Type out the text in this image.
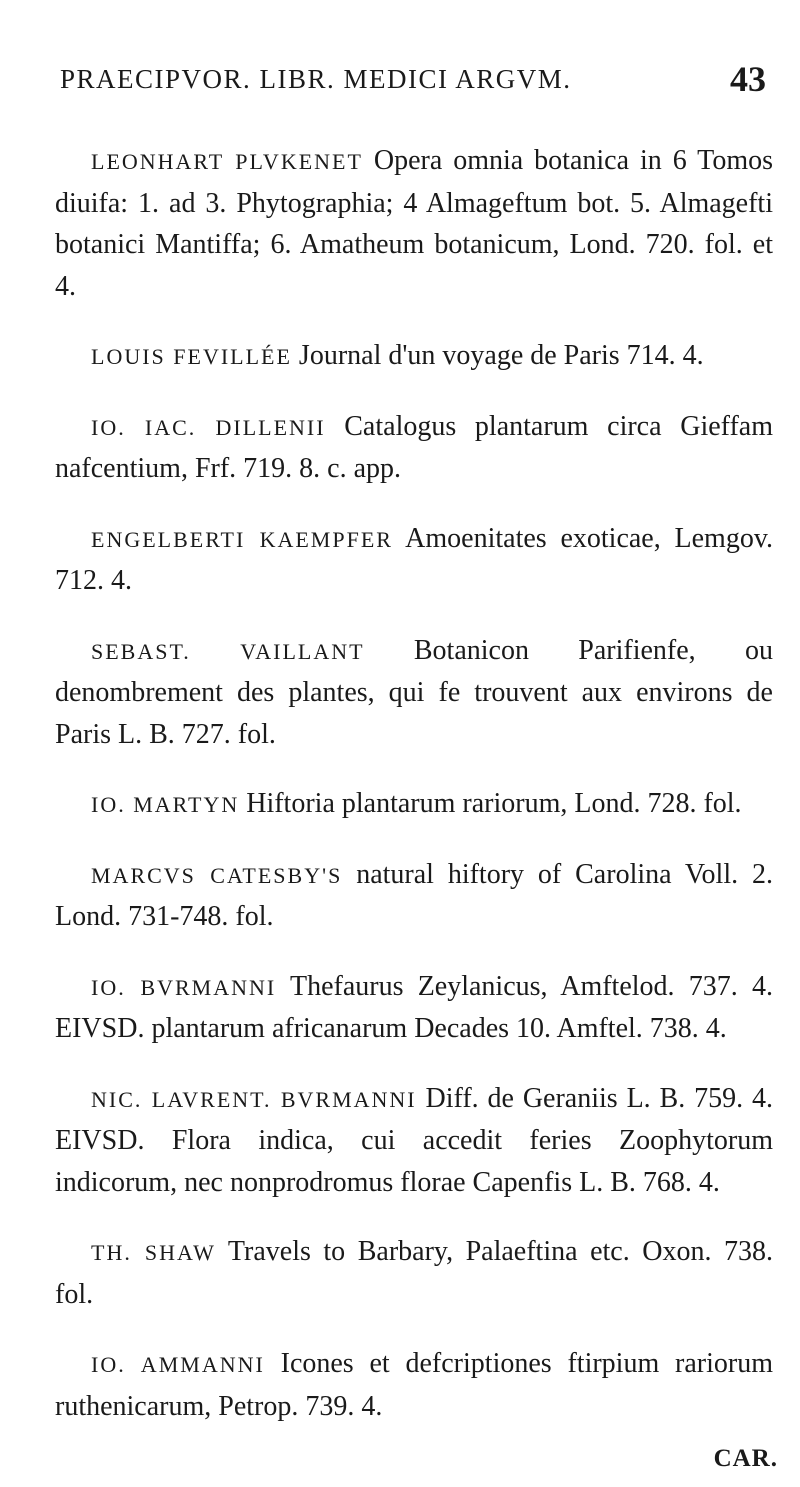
PRAECIPVOR. LIBR. MEDICI ARGVM.	43

LEONHART PLVKENET Opera omnia botanica in 6 Tomos diuifa: 1. ad 3. Phytographia; 4 Almageftum bot. 5. Almagefti botanici Mantiffa; 6. Amatheum botanicum, Lond. 720. fol. et 4.

LOUIS FEVILLÉE Journal d'un voyage de Paris 714. 4.

IO. IAC. DILLENII Catalogus plantarum circa Gieffam nafcentium, Frf. 719. 8. c. app.

ENGELBERTI KAEMPFER Amoenitates exoticae, Lemgov. 712. 4.

SEBAST. VAILLANT Botanicon Parifienfe, ou denombrement des plantes, qui fe trouvent aux environs de Paris L. B. 727. fol.

IO. MARTYN Hiftoria plantarum rariorum, Lond. 728. fol.

MARCVS CATESBY'S natural hiftory of Carolina Voll. 2. Lond. 731-748. fol.

IO. BVRMANNI Thefaurus Zeylanicus, Amftelod. 737. 4. EIVSD. plantarum africanarum Decades 10. Amftel. 738. 4.

NIC. LAVRENT. BVRMANNI Diff. de Geraniis L. B. 759. 4. EIVSD. Flora indica, cui accedit feries Zoophytorum indicorum, nec nonprodromus florae Capenfis L. B. 768. 4.

TH. SHAW Travels to Barbary, Palaeftina etc. Oxon. 738. fol.

IO. AMMANNI Icones et defcriptiones ftirpium rariorum ruthenicarum, Petrop. 739. 4.

CAR.
